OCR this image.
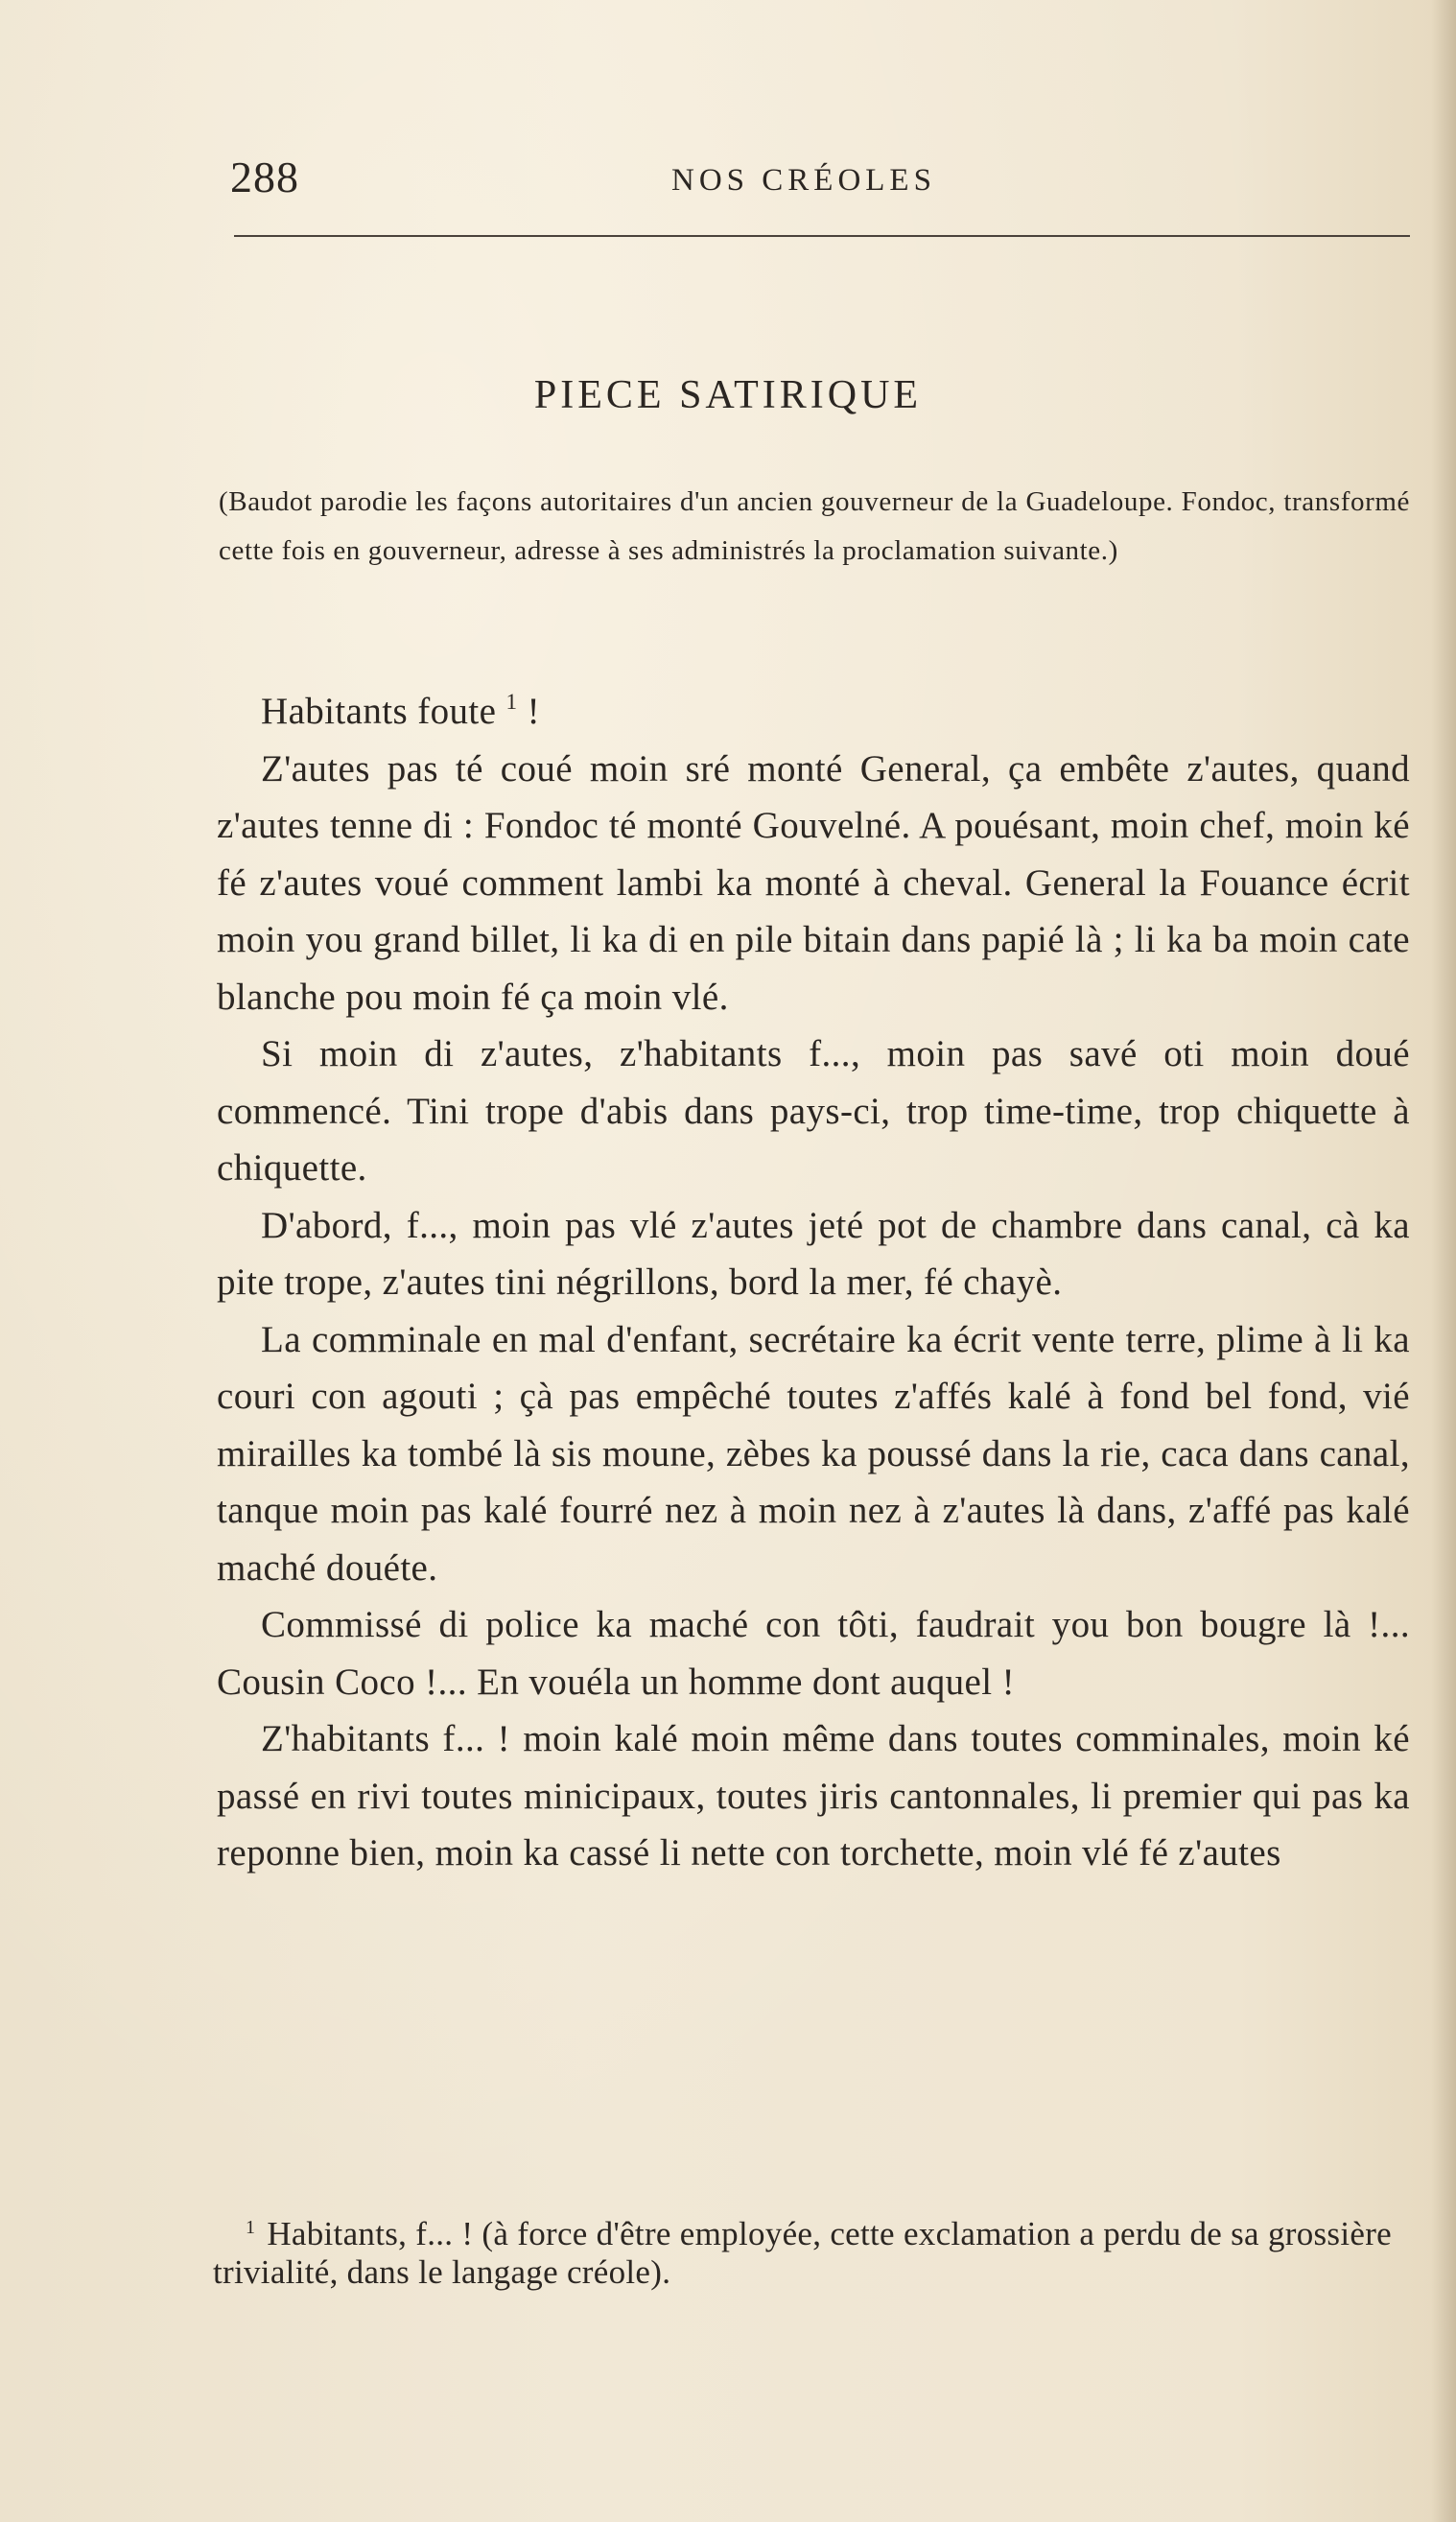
288	NOS CRÉOLES
PIECE SATIRIQUE
(Baudot parodie les façons autoritaires d'un ancien gouverneur de la Guadeloupe. Fondoc, transformé cette fois en gouverneur, adresse à ses administrés la proclamation suivante.)

Habitants foute $^1$ !

Z'autes pas té coué moin sré monté General, ça embête z'autes, quand z'autes tenne di : Fondoc té monté Gouvelné. A pouésant, moin chef, moin ké fé z'autes voué comment lambi ka monté à cheval. General la Fouance écrit moin you grand billet, li ka di en pile bitain dans papié là ; li ka ba moin cate blanche pou moin fé ça moin vlé.

Si moin di z'autes, z'habitants f..., moin pas savé oti moin doué commencé. Tini trope d'abis dans pays-ci, trop time-time, trop chiquette à chiquette.

D'abord, f..., moin pas vlé z'autes jeté pot de chambre dans canal, cà ka pite trope, z'autes tini négrillons, bord la mer, fé chayè.

La comminale en mal d'enfant, secrétaire ka écrit vente terre, plime à li ka couri con agouti ; çà pas empêché toutes z'affés kalé à fond bel fond, vié mirailles ka tombé là sis moune, zèbes ka poussé dans la rie, caca dans canal, tanque moin pas kalé fourré nez à moin nez à z'autes là dans, z'affé pas kalé maché douéte.

Commissé di police ka maché con tôti, faudrait you bon bougre là !... Cousin Coco !... En vouéla un homme dont auquel !

Z'habitants f... ! moin kalé moin même dans toutes comminales, moin ké passé en rivi toutes minicipaux, toutes jiris cantonnales, li premier qui pas ka reponne bien, moin ka cassé li nette con torchette, moin vlé fé z'autes

$^1$ Habitants, f... ! (à force d'être employée, cette exclamation a perdu de sa grossière trivialité, dans le langage créole).
